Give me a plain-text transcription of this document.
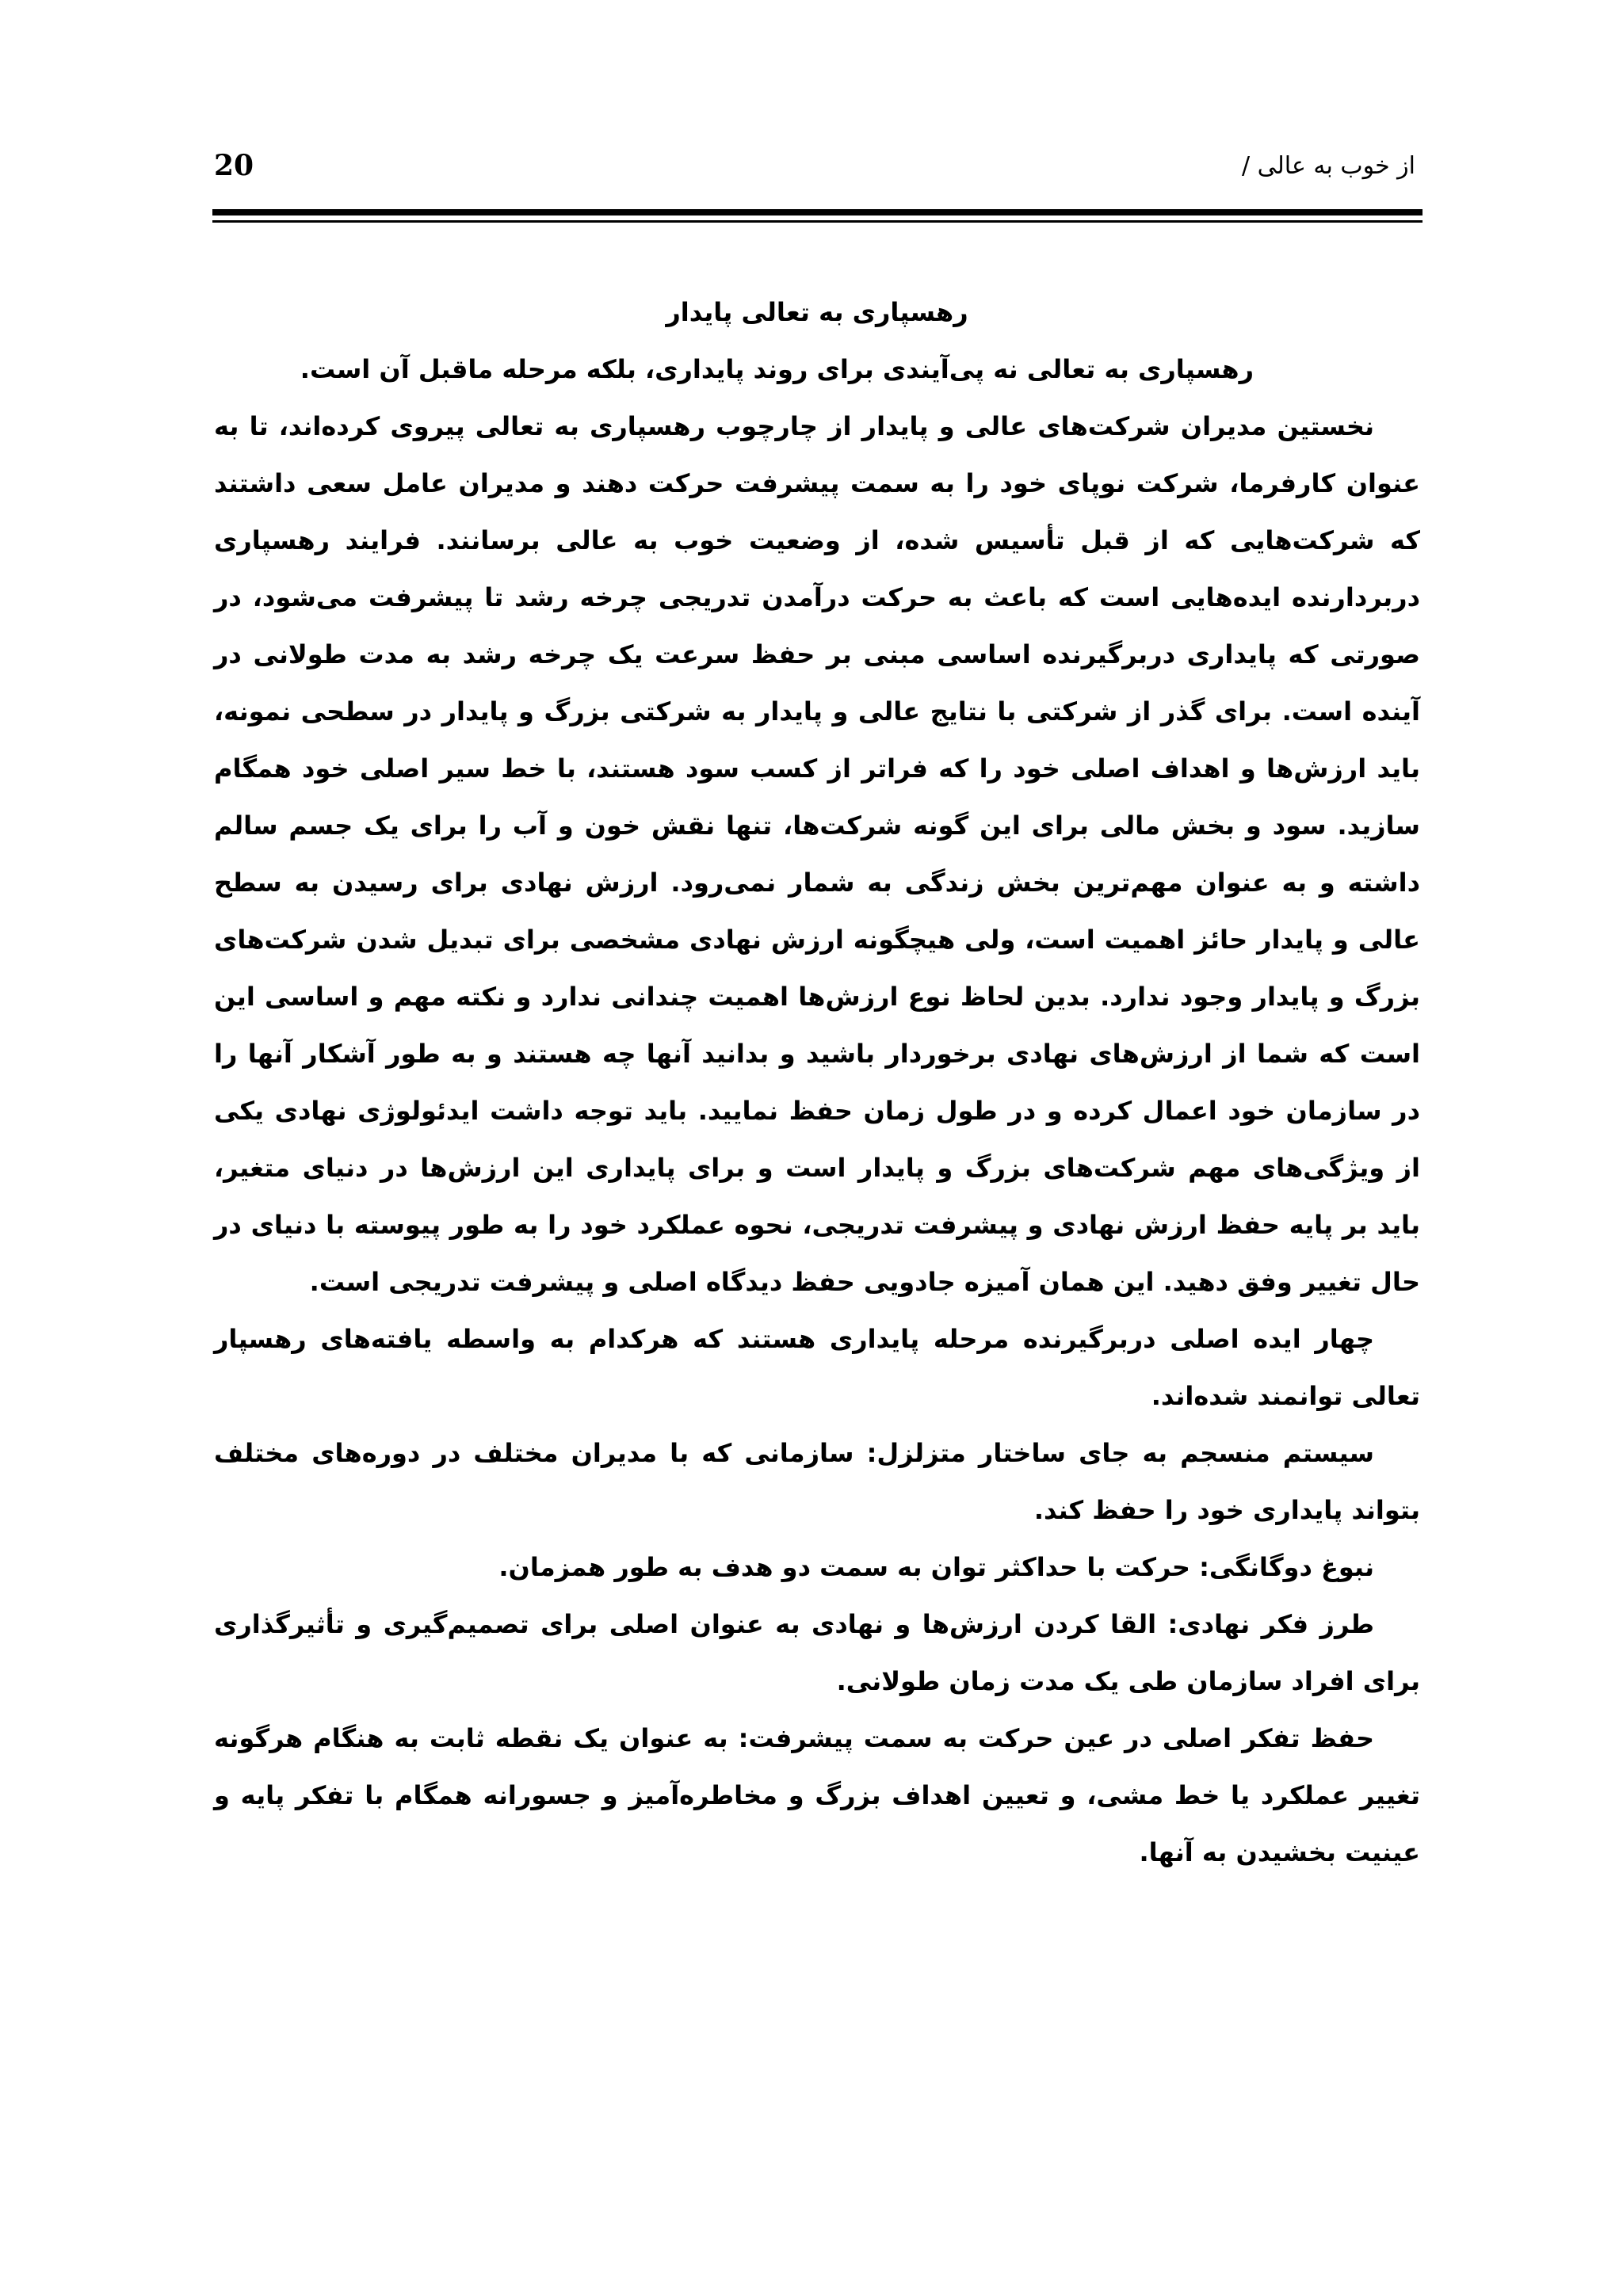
از خوب به عالی /
20
رهسپاری به تعالی پایدار

رهسپاری به تعالی نه پی‌آیندی برای روند پایداری، بلکه مرحله ماقبل آن است.

نخستین مدیران شرکت‌های عالی و پایدار از چارچوب رهسپاری به تعالی پیروی کرده‌اند، تا به عنوان کارفرما، شرکت نوپای خود را به سمت پیشرفت حرکت دهند و مدیران عامل سعی داشتند که شرکت‌هایی که از قبل تأسیس شده، از وضعیت خوب به عالی برسانند. فرایند رهسپاری دربردارنده ایده‌هایی است که باعث به حرکت درآمدن تدریجی چرخه رشد تا پیشرفت می‌شود، در صورتی که پایداری دربرگیرنده اساسی مبنی بر حفظ سرعت یک چرخه رشد به مدت طولانی در آینده است. برای گذر از شرکتی با نتایج عالی و پایدار به شرکتی بزرگ و پایدار در سطحی نمونه، باید ارزش‌ها و اهداف اصلی خود را که فراتر از کسب سود هستند، با خط سیر اصلی خود همگام سازید. سود و بخش مالی برای این گونه شرکت‌ها، تنها نقش خون و آب را برای یک جسم سالم داشته و به عنوان مهم‌ترین بخش زندگی به شمار نمی‌رود. ارزش نهادی برای رسیدن به سطح عالی و پایدار حائز اهمیت است، ولی هیچگونه ارزش نهادی مشخصی برای تبدیل شدن شرکت‌های بزرگ و پایدار وجود ندارد. بدین لحاظ نوع ارزش‌ها اهمیت چندانی ندارد و نکته مهم و اساسی این است که شما از ارزش‌های نهادی برخوردار باشید و بدانید آنها چه هستند و به طور آشکار آنها را در سازمان خود اعمال کرده و در طول زمان حفظ نمایید. باید توجه داشت ایدئولوژی نهادی یکی از ویژگی‌های مهم شرکت‌های بزرگ و پایدار است و برای پایداری این ارزش‌ها در دنیای متغیر، باید بر پایه حفظ ارزش نهادی و پیشرفت تدریجی، نحوه عملکرد خود را به طور پیوسته با دنیای در حال تغییر وفق دهید. این همان آمیزه جادویی حفظ دیدگاه اصلی و پیشرفت تدریجی است.

چهار ایده اصلی دربرگیرنده مرحله پایداری هستند که هرکدام به واسطه یافته‌های رهسپار تعالی توانمند شده‌اند.

سیستم منسجم به جای ساختار متزلزل: سازمانی که با مدیران مختلف در دوره‌های مختلف بتواند پایداری خود را حفظ کند.

نبوغ دوگانگی: حرکت با حداکثر توان به سمت دو هدف به طور همزمان.

طرز فکر نهادی: القا کردن ارزش‌ها و نهادی به عنوان اصلی برای تصمیم‌گیری و تأثیرگذاری برای افراد سازمان طی یک مدت زمان طولانی.

حفظ تفکر اصلی در عین حرکت به سمت پیشرفت: به عنوان یک نقطه ثابت به هنگام هرگونه تغییر عملکرد یا خط مشی، و تعیین اهداف بزرگ و مخاطره‌آمیز و جسورانه همگام با تفکر پایه و عینیت بخشیدن به آنها.
